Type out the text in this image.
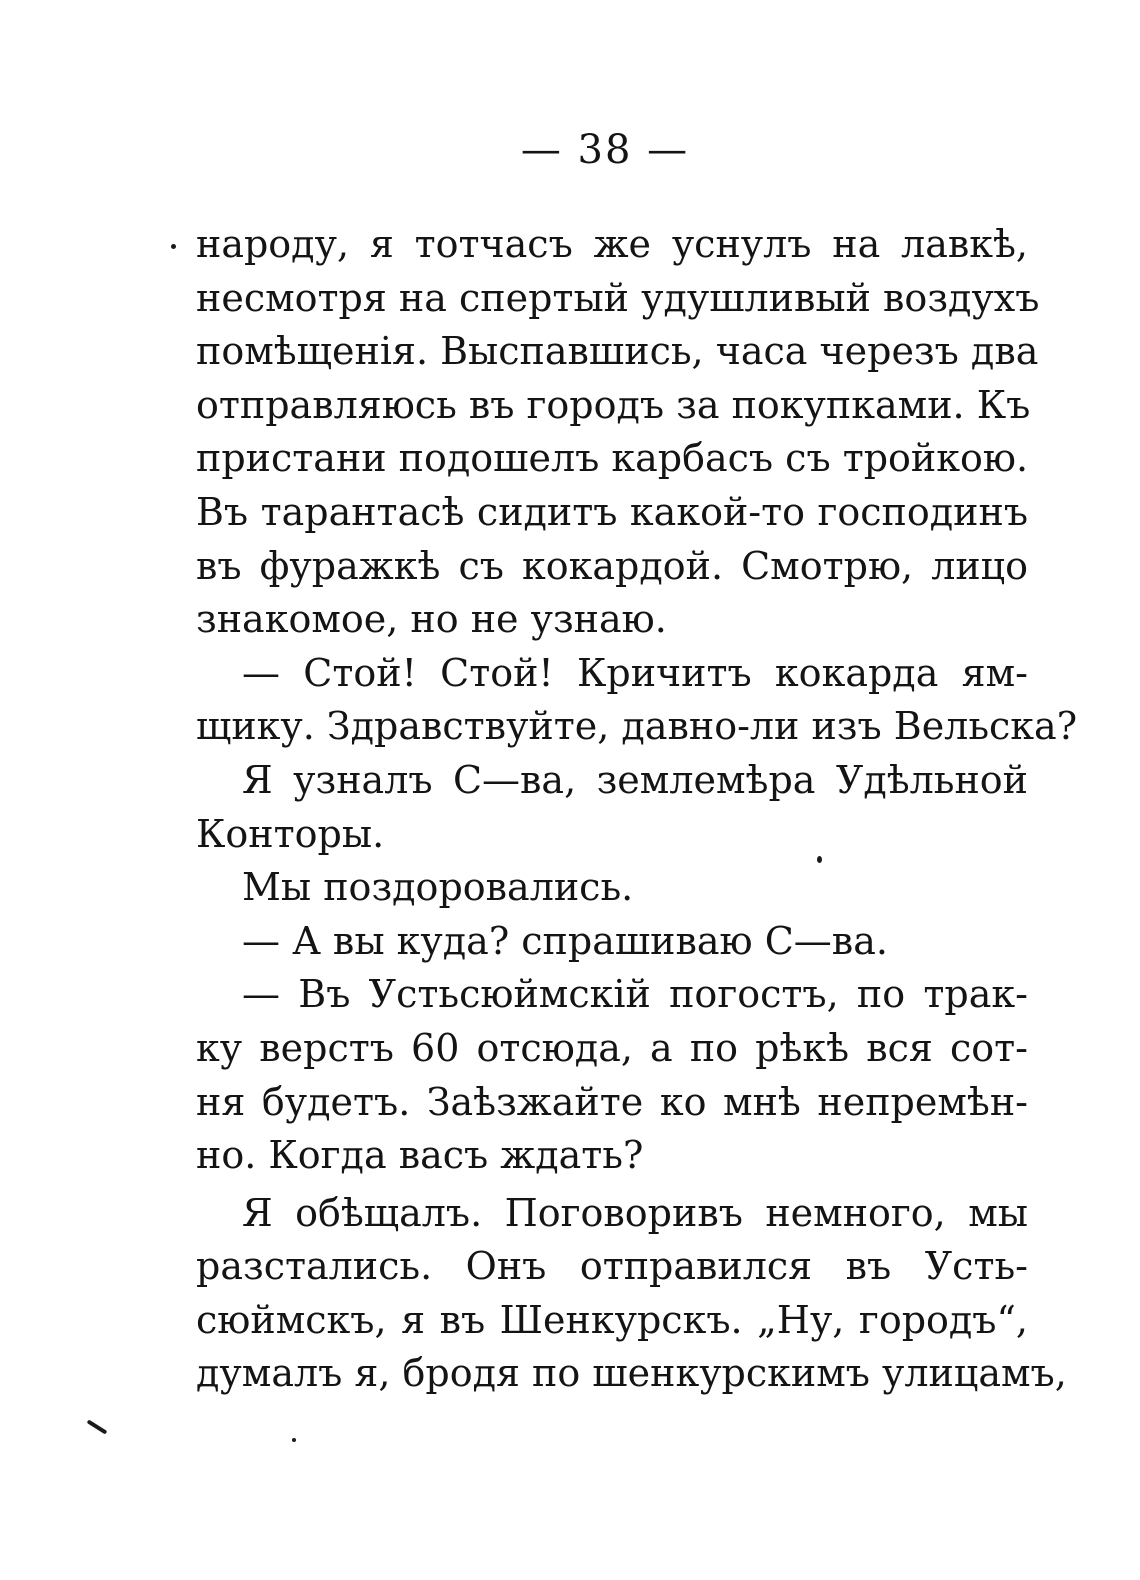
— 38 —
народу, я тотчасъ же уснулъ на лавкѣ,
несмотря на спертый удушливый воздухъ
помѣщенія. Выспавшись, часа черезъ два
отправляюсь въ городъ за покупками. Къ
пристани подошелъ карбасъ съ тройкою.
Въ тарантасѣ сидитъ какой-то господинъ
въ фуражкѣ съ кокардой. Смотрю, лицо
знакомое, но не узнаю.
— Стой! Стой! Кричитъ кокарда ям-
щику. Здравствуйте, давно-ли изъ Вельска?
Я узналъ С—ва, землемѣра Удѣльной
Конторы.
Мы поздоровались.
— А вы куда? спрашиваю С—ва.
— Въ Устьсюймскій погостъ, по трак-
ку верстъ 60 отсюда, а по рѣкѣ вся сот-
ня будетъ. Заѣзжайте ко мнѣ непремѣн-
но. Когда васъ ждать?
Я обѣщалъ. Поговоривъ немного, мы
разстались. Онъ отправился въ Усть-
сюймскъ, я въ Шенкурскъ. „Ну, городъ“,
думалъ я, бродя по шенкурскимъ улицамъ,
